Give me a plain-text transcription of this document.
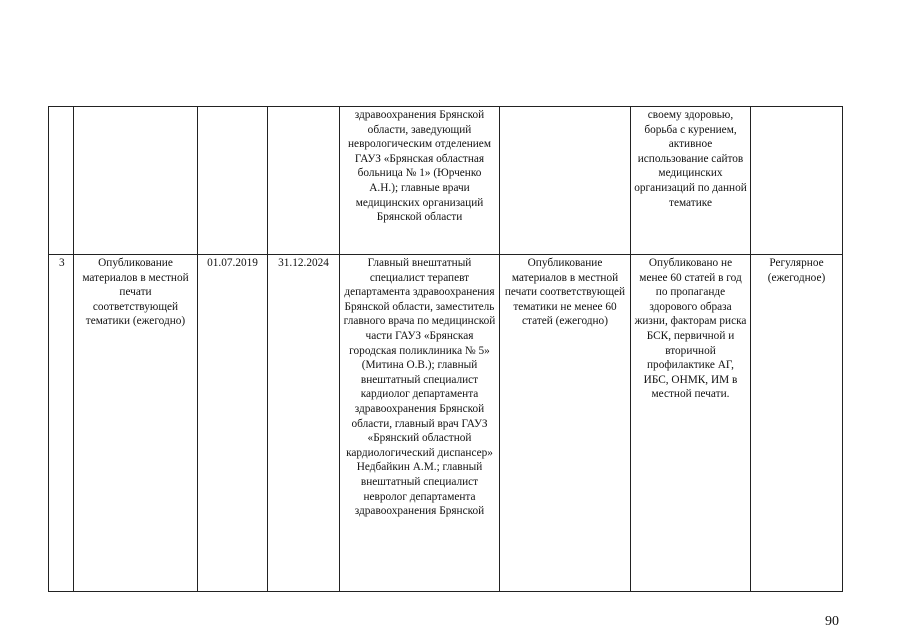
				здравоохранения Брянской области, заведующий неврологическим отделением ГАУЗ «Брянская областная больница № 1» (Юрченко А.Н.); главные врачи медицинских организаций Брянской области		своему здоровью, борьба с курением, активное использование сайтов медицинских организаций по данной тематике	
3	Опубликование материалов в местной печати соответствующей тематики (ежегодно)	01.07.2019	31.12.2024	Главный внештатный специалист терапевт департамента здравоохранения Брянской области, заместитель главного врача по медицинской части ГАУЗ «Брянская городская поликлиника № 5» (Митина О.В.); главный внештатный специалист кардиолог департамента здравоохранения Брянской области, главный врач ГАУЗ «Брянский областной кардиологический диспансер» Недбайкин А.М.; главный внештатный специалист невролог департамента здравоохранения Брянской	Опубликование материалов в местной печати соответствующей тематики не менее 60 статей (ежегодно)	Опубликовано не менее 60 статей в год по пропаганде здорового образа жизни, факторам риска БСК, первичной и вторичной профилактике АГ, ИБС, ОНМК, ИМ в местной печати.	Регулярное (ежегодное)
90
